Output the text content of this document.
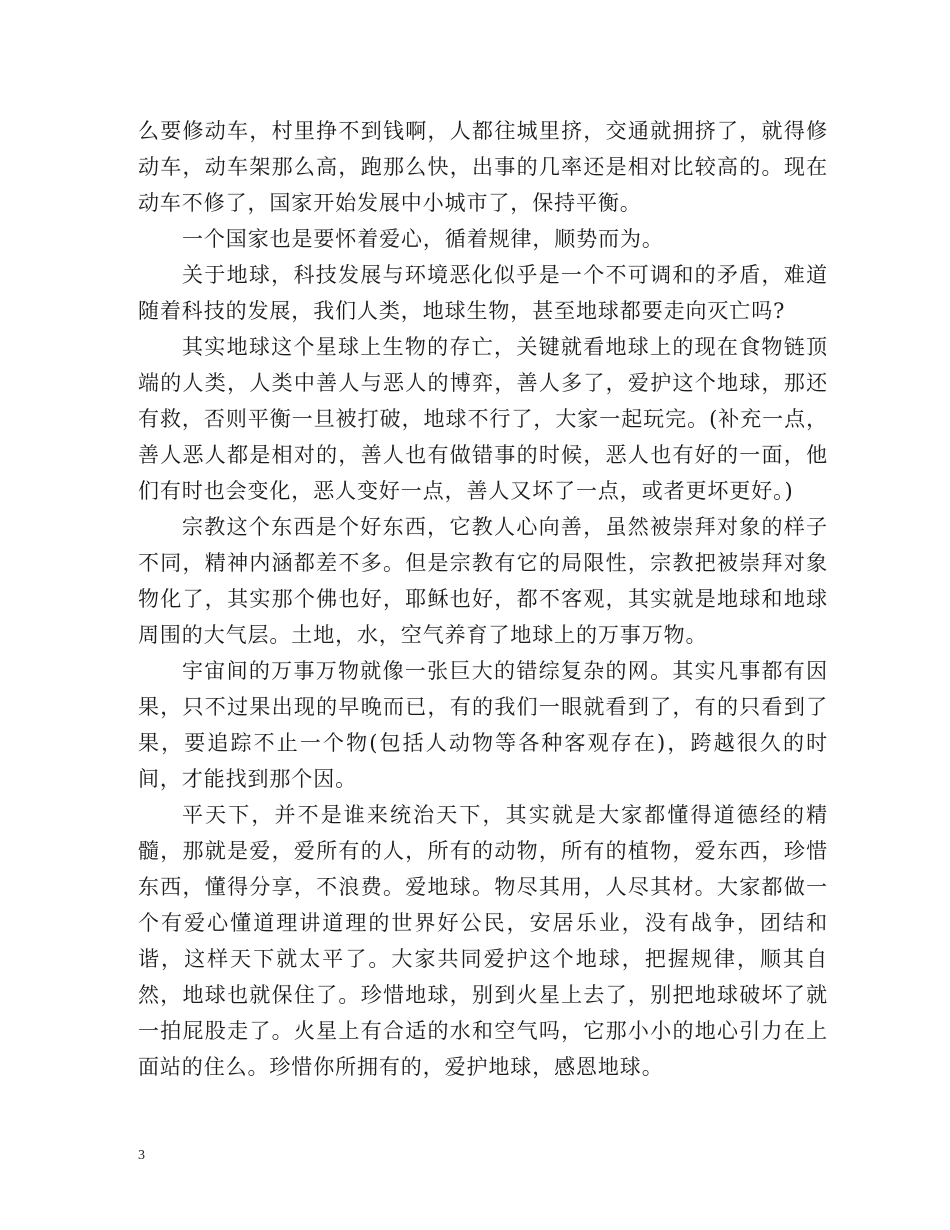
么要修动车，村里挣不到钱啊，人都往城里挤，交通就拥挤了，就得修动车，动车架那么高，跑那么快，出事的几率还是相对比较高的。现在动车不修了，国家开始发展中小城市了，保持平衡。

一个国家也是要怀着爱心，循着规律，顺势而为。

关于地球，科技发展与环境恶化似乎是一个不可调和的矛盾，难道随着科技的发展，我们人类，地球生物，甚至地球都要走向灭亡吗?

其实地球这个星球上生物的存亡，关键就看地球上的现在食物链顶端的人类，人类中善人与恶人的博弈，善人多了，爱护这个地球，那还有救，否则平衡一旦被打破，地球不行了，大家一起玩完。(补充一点，善人恶人都是相对的，善人也有做错事的时候，恶人也有好的一面，他们有时也会变化，恶人变好一点，善人又坏了一点，或者更坏更好。)

宗教这个东西是个好东西，它教人心向善，虽然被崇拜对象的样子不同，精神内涵都差不多。但是宗教有它的局限性，宗教把被崇拜对象物化了，其实那个佛也好，耶稣也好，都不客观，其实就是地球和地球周围的大气层。土地，水，空气养育了地球上的万事万物。

宇宙间的万事万物就像一张巨大的错综复杂的网。其实凡事都有因果，只不过果出现的早晚而已，有的我们一眼就看到了，有的只看到了果，要追踪不止一个物(包括人动物等各种客观存在)，跨越很久的时间，才能找到那个因。

平天下，并不是谁来统治天下，其实就是大家都懂得道德经的精髓，那就是爱，爱所有的人，所有的动物，所有的植物，爱东西，珍惜东西，懂得分享，不浪费。爱地球。物尽其用，人尽其材。大家都做一个有爱心懂道理讲道理的世界好公民，安居乐业，没有战争，团结和谐，这样天下就太平了。大家共同爱护这个地球，把握规律，顺其自然，地球也就保住了。珍惜地球，别到火星上去了，别把地球破坏了就一拍屁股走了。火星上有合适的水和空气吗，它那小小的地心引力在上面站的住么。珍惜你所拥有的，爱护地球，感恩地球。

3
